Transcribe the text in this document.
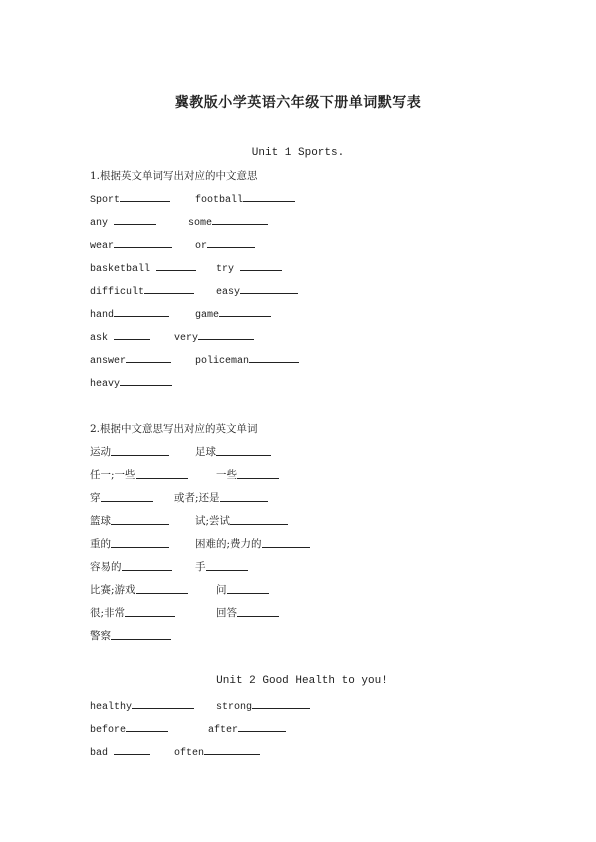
冀教版小学英语六年级下册单词默写表
Unit 1 Sports.
1.根据英文单词写出对应的中文意思
Sport	football
any	some
wear	or
basketball	try
difficult	easy
hand	game
ask	very
answer	policeman
heavy
2.根据中文意思写出对应的英文单词
运动	足球
任一;一些	一些
穿	或者;还是
篮球	试;尝试
重的	困难的;费力的
容易的	手
比赛;游戏	问
很;非常	回答
警察
Unit 2 Good Health to you!
healthy	strong
before	after
bad	often
